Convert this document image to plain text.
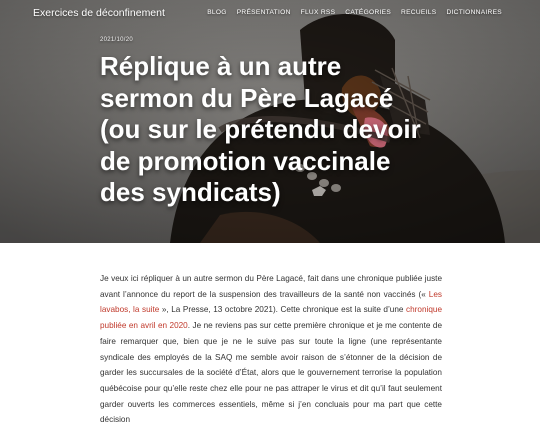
Exercices de déconfinement	BLOG PRÉSENTATION FLUX RSS CATÉGORIES RECUEILS DICTIONNAIRES
2021/10/20
Réplique à un autre sermon du Père Lagacé (ou sur le prétendu devoir de promotion vaccinale des syndicats)

Je veux ici répliquer à un autre sermon du Père Lagacé, fait dans une chronique publiée juste avant l’annonce du report de la suspension des travailleurs de la santé non vaccinés (« Les lavabos, la suite », La Presse, 13 octobre 2021). Cette chronique est la suite d’une chronique publiée en avril en 2020. Je ne reviens pas sur cette première chronique et je me contente de faire remarquer que, bien que je ne le suive pas sur toute la ligne (une représentante syndicale des employés de la SAQ me semble avoir raison de s’étonner de la décision de garder les succursales de la société d’État, alors que le gouvernement terrorise la population québécoise pour qu’elle reste chez elle pour ne pas attraper le virus et dit qu’il faut seulement garder ouverts les commerces essentiels, même si j’en concluais pour ma part que cette décision
